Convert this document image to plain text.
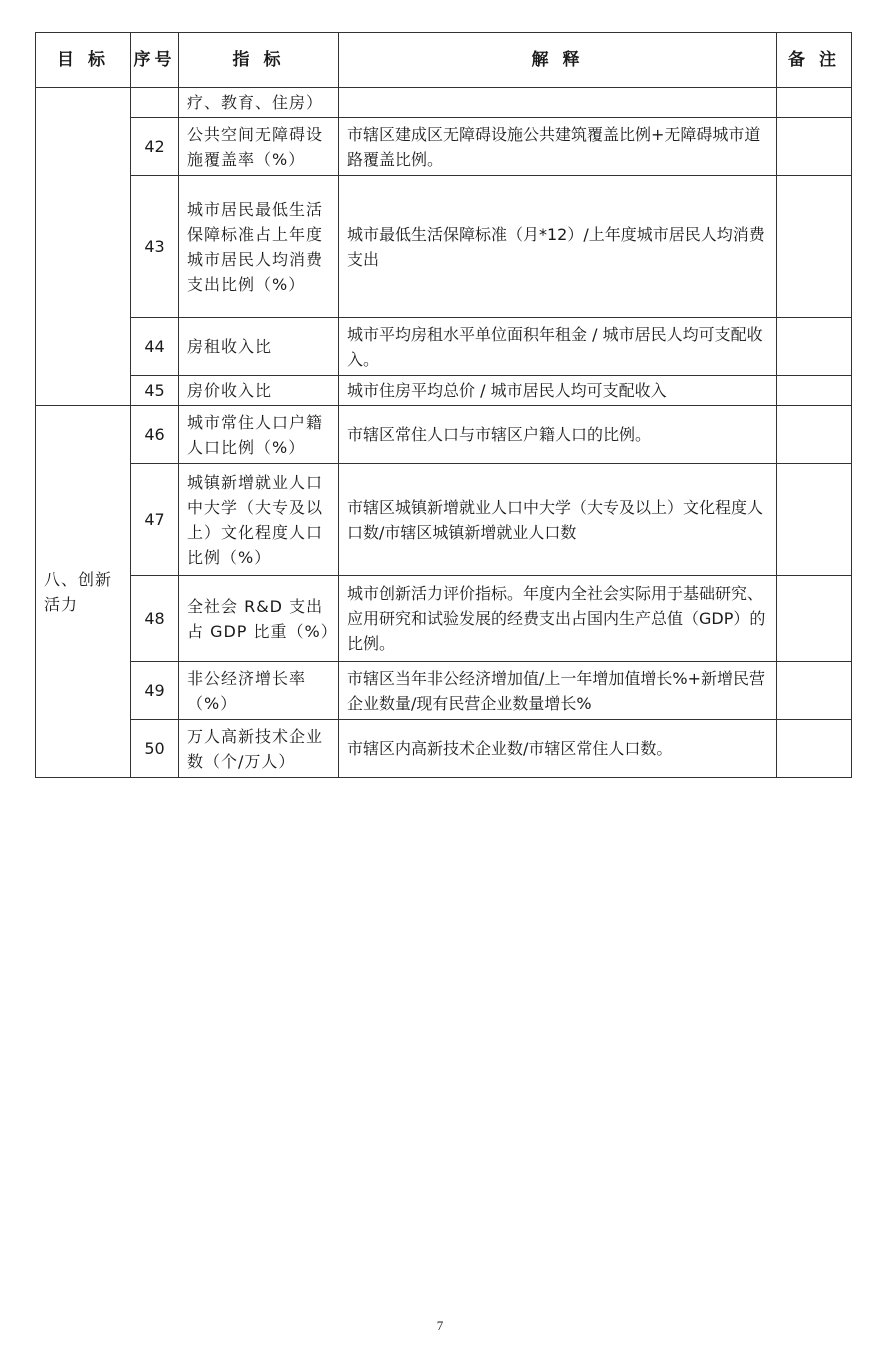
目 标	序号	指 标	解 释	备 注
		疗、教育、住房）		
	42	公共空间无障碍设施覆盖率（%）	市辖区建成区无障碍设施公共建筑覆盖比例+无障碍城市道路覆盖比例。	
	43	城市居民最低生活保障标准占上年度城市居民人均消费支出比例（%）	城市最低生活保障标准（月*12）/上年度城市居民人均消费支出	
	44	房租收入比	城市平均房租水平单位面积年租金 / 城市居民人均可支配收入。	
	45	房价收入比	城市住房平均总价 / 城市居民人均可支配收入	
八、创新活力	46	城市常住人口户籍人口比例（%）	市辖区常住人口与市辖区户籍人口的比例。	
	47	城镇新增就业人口中大学（大专及以上）文化程度人口比例（%）	市辖区城镇新增就业人口中大学（大专及以上）文化程度人口数/市辖区城镇新增就业人口数	
	48	全社会 R&D 支出占 GDP 比重（%）	城市创新活力评价指标。年度内全社会实际用于基础研究、应用研究和试验发展的经费支出占国内生产总值（GDP）的比例。	
	49	非公经济增长率（%）	市辖区当年非公经济增加值/上一年增加值增长%+新增民营企业数量/现有民营企业数量增长%	
	50	万人高新技术企业数（个/万人）	市辖区内高新技术企业数/市辖区常住人口数。	
7
